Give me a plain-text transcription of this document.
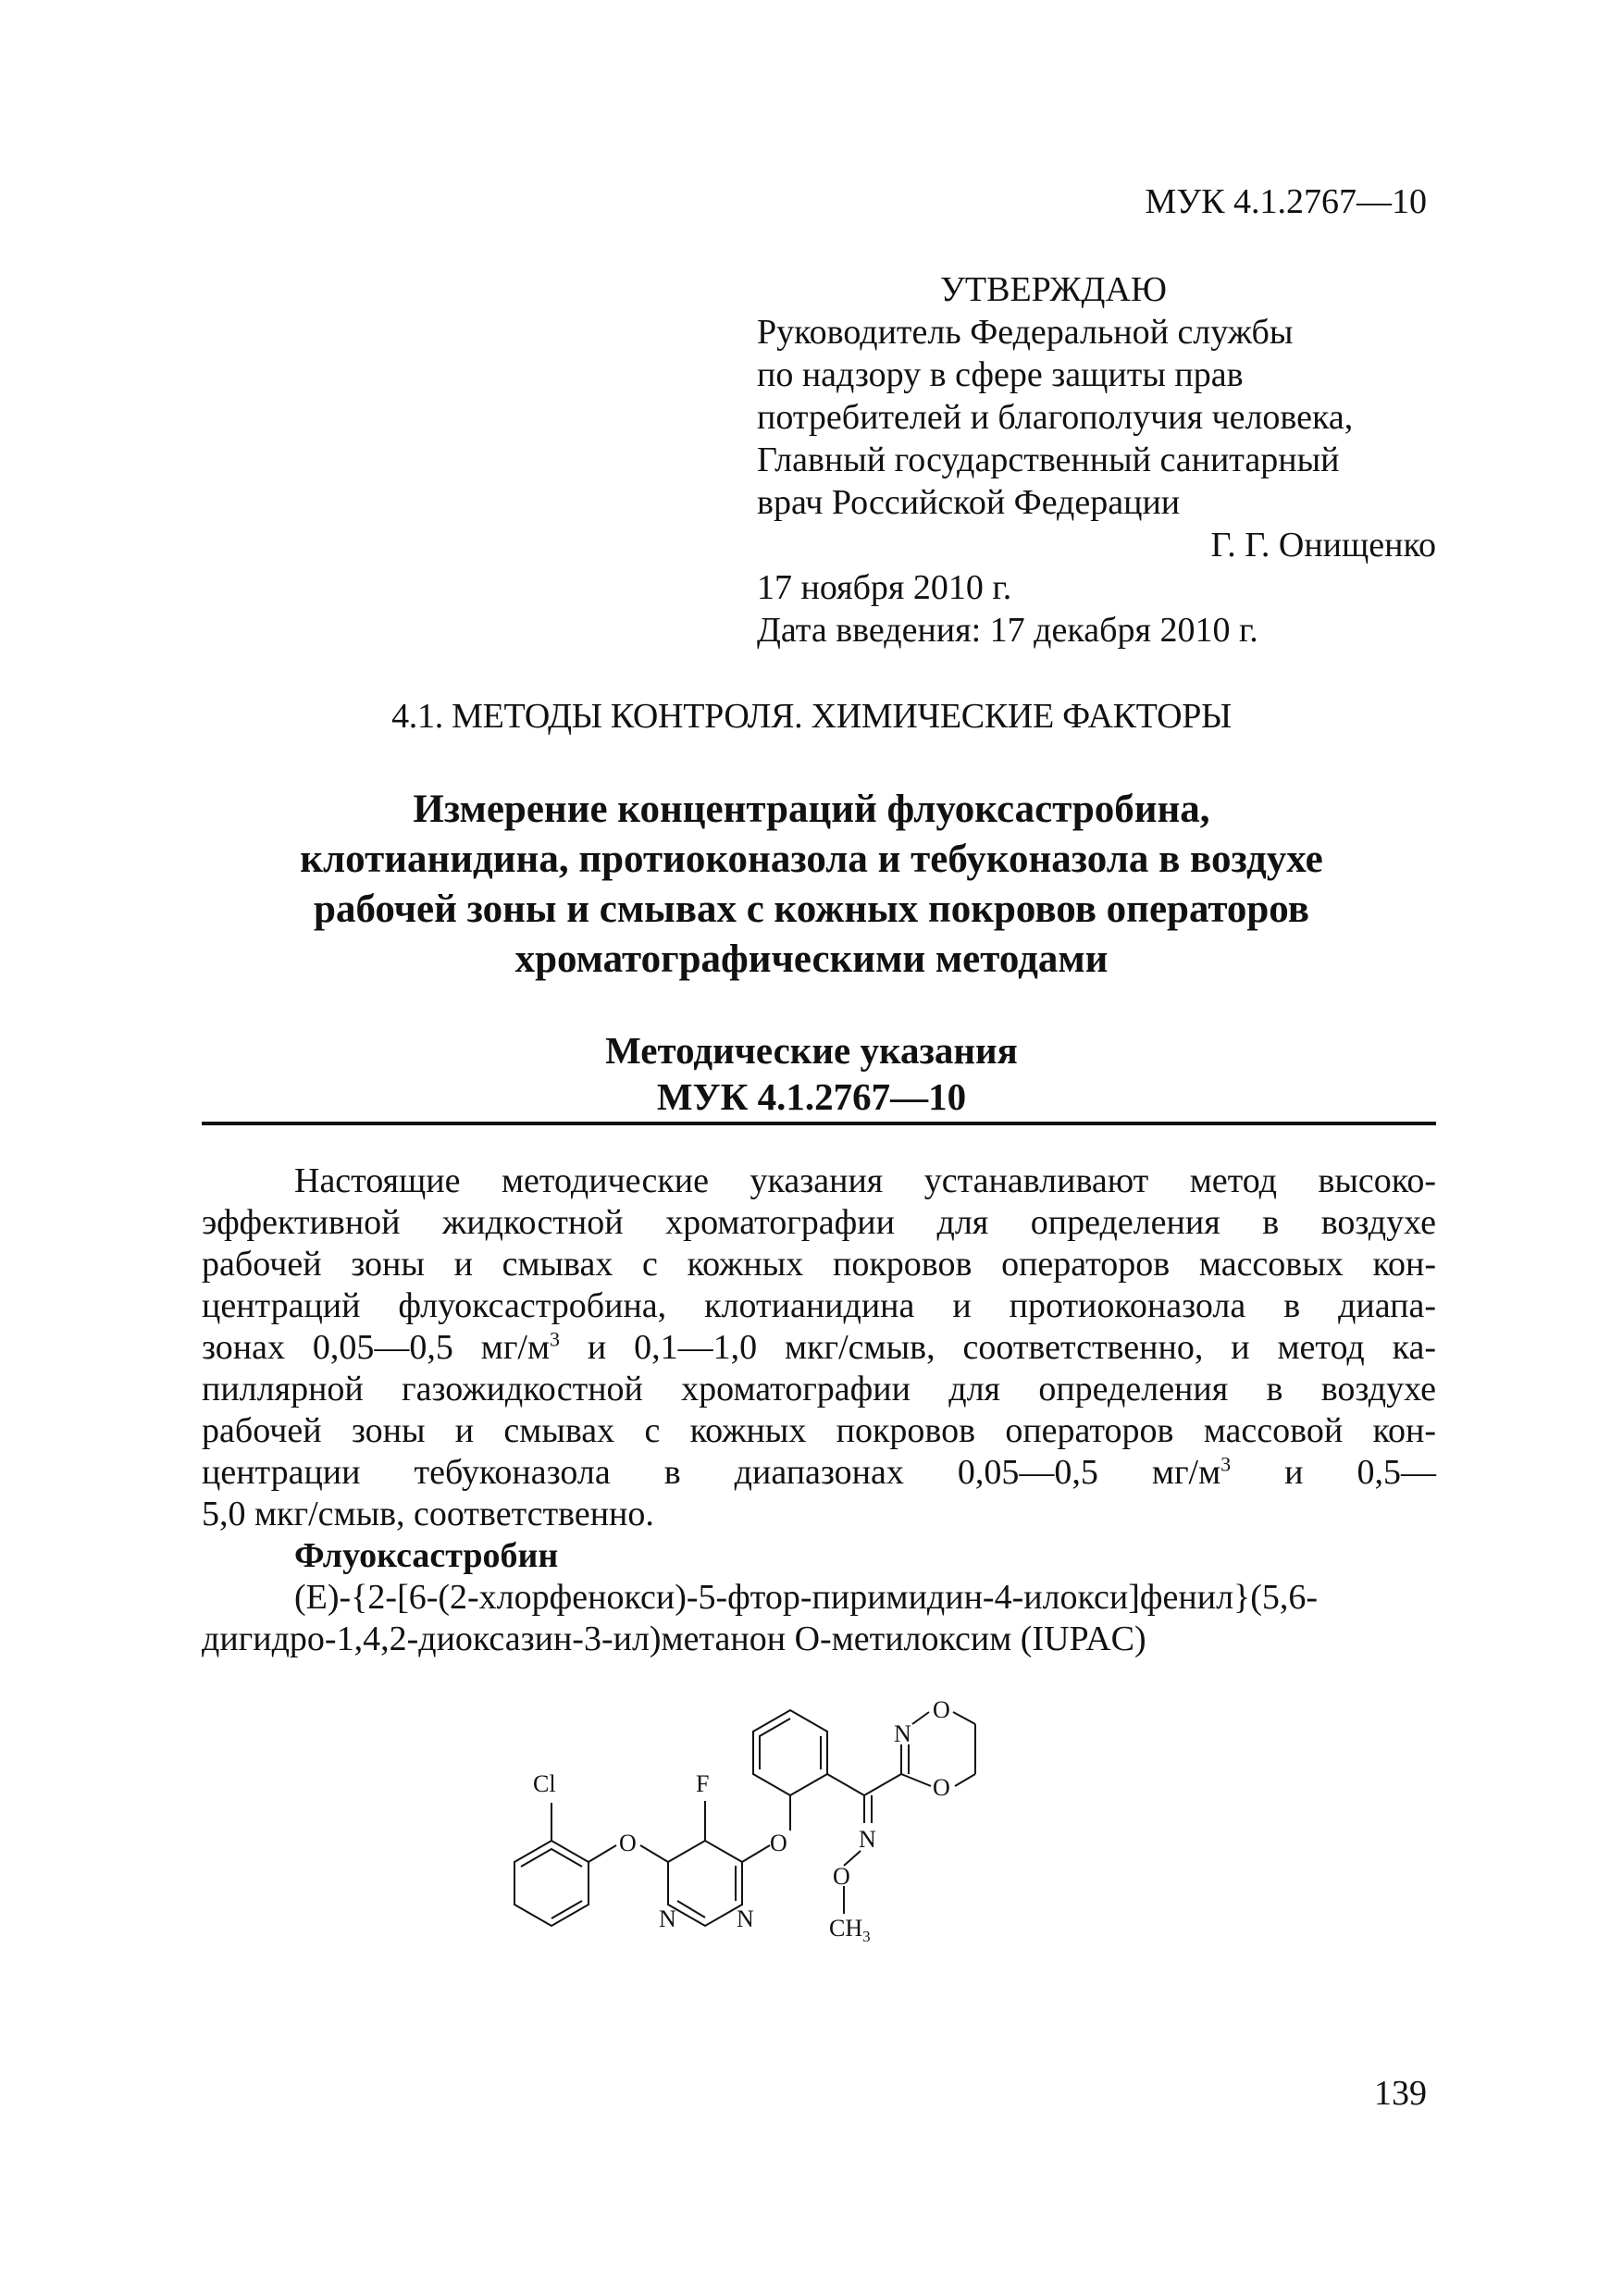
МУК 4.1.2767—10
УТВЕРЖДАЮ
Руководитель Федеральной службы
по надзору в сфере защиты прав
потребителей и благополучия человека,
Главный государственный санитарный
врач Российской Федерации
Г. Г. Онищенко
17 ноября 2010 г.
Дата введения: 17 декабря 2010 г.
4.1. МЕТОДЫ КОНТРОЛЯ. ХИМИЧЕСКИЕ ФАКТОРЫ
Измерение концентраций флуоксастробина,
клотианидина, протиоконазола и тебуконазола в воздухе
рабочей зоны и смывах с кожных покровов операторов
хроматографическими методами
Методические указания
МУК 4.1.2767—10
Настоящие методические указания устанавливают метод высоко-
эффективной жидкостной хроматографии для определения в воздухе
рабочей зоны и смывах с кожных покровов операторов массовых кон-
центраций флуоксастробина, клотианидина и протиоконазола в диапа-
зонах 0,05—0,5 $мг/м^3$ и 0,1—1,0 мкг/смыв, соответственно, и метод ка-
пиллярной газожидкостной хроматографии для определения в воздухе
рабочей зоны и смывах с кожных покровов операторов массовой кон-
центрации тебуконазола в диапазонах 0,05—0,5 $мг/м^3$ и 0,5—
5,0 мкг/смыв, соответственно.
Флуоксастробин
(E)-{2-[6-(2-хлорфенокси)-5-фтор-пиримидин-4-илокси]фенил}(5,6-
дигидро-1,4,2-диоксазин-3-ил)метанон O-метилоксим (IUPAC)
Cl	F
O	O
N	N
N
O
$CH_3$
N
O
O
139
